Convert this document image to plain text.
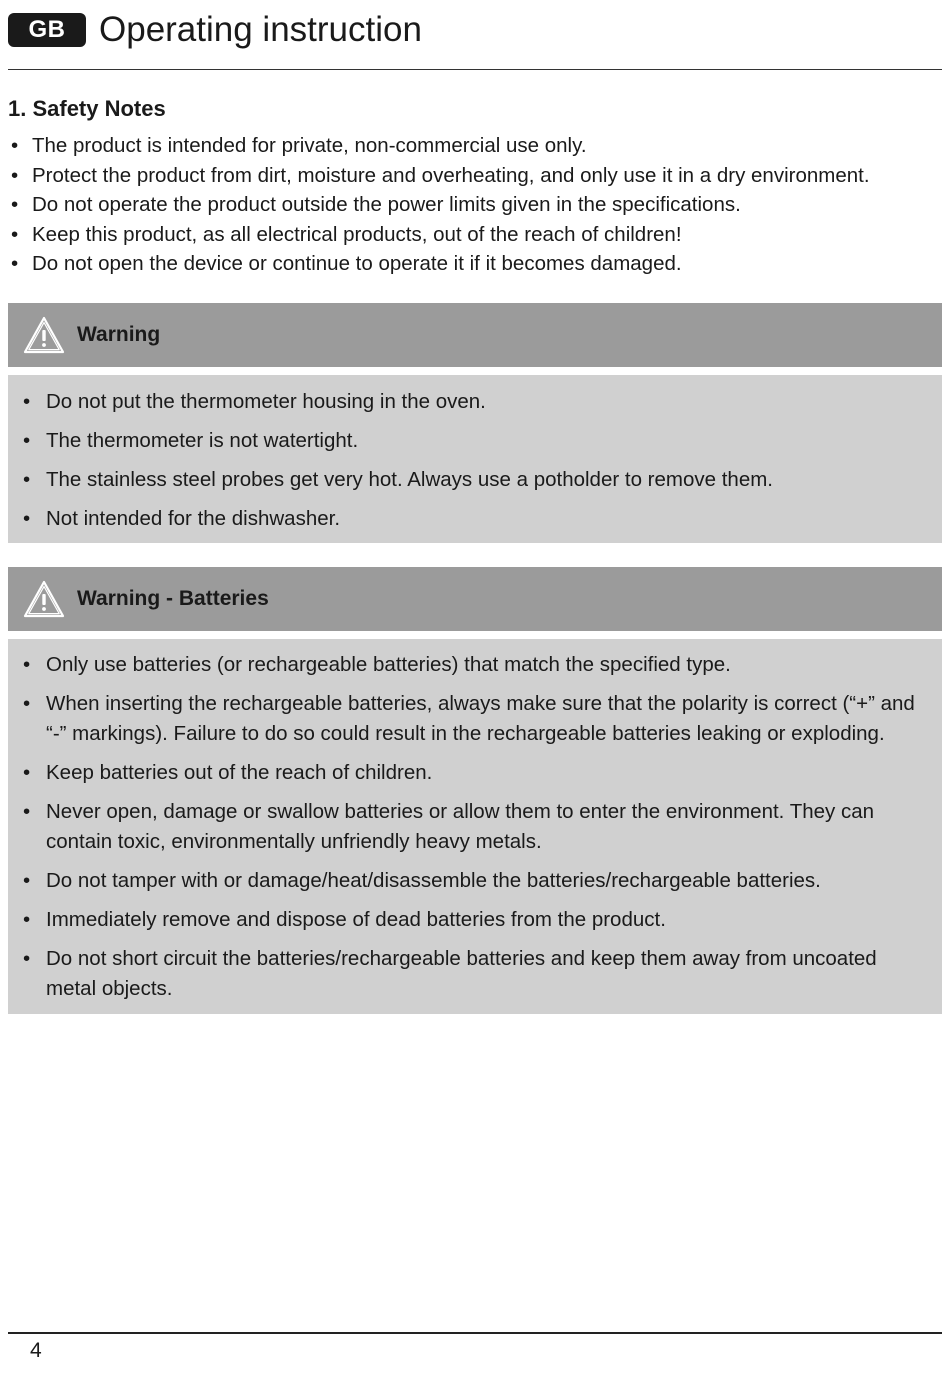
GB Operating instruction
1. Safety Notes
• The product is intended for private, non-commercial use only.
• Protect the product from dirt, moisture and overheating, and only use it in a dry environment.
• Do not operate the product outside the power limits given in the specifications.
• Keep this product, as all electrical products, out of the reach of children!
• Do not open the device or continue to operate it if it becomes damaged.
Warning
• Do not put the thermometer housing in the oven.
• The thermometer is not watertight.
• The stainless steel probes get very hot. Always use a potholder to remove them.
• Not intended for the dishwasher.
Warning - Batteries
• Only use batteries (or rechargeable batteries) that match the specified type.
• When inserting the rechargeable batteries, always make sure that the polarity is correct (“+” and “-” markings). Failure to do so could result in the rechargeable batteries leaking or exploding.
• Keep batteries out of the reach of children.
• Never open, damage or swallow batteries or allow them to enter the environment. They can contain toxic, environmentally unfriendly heavy metals.
• Do not tamper with or damage/heat/disassemble the batteries/rechargeable batteries.
• Immediately remove and dispose of dead batteries from the product.
• Do not short circuit the batteries/rechargeable batteries and keep them away from uncoated metal objects.
4
